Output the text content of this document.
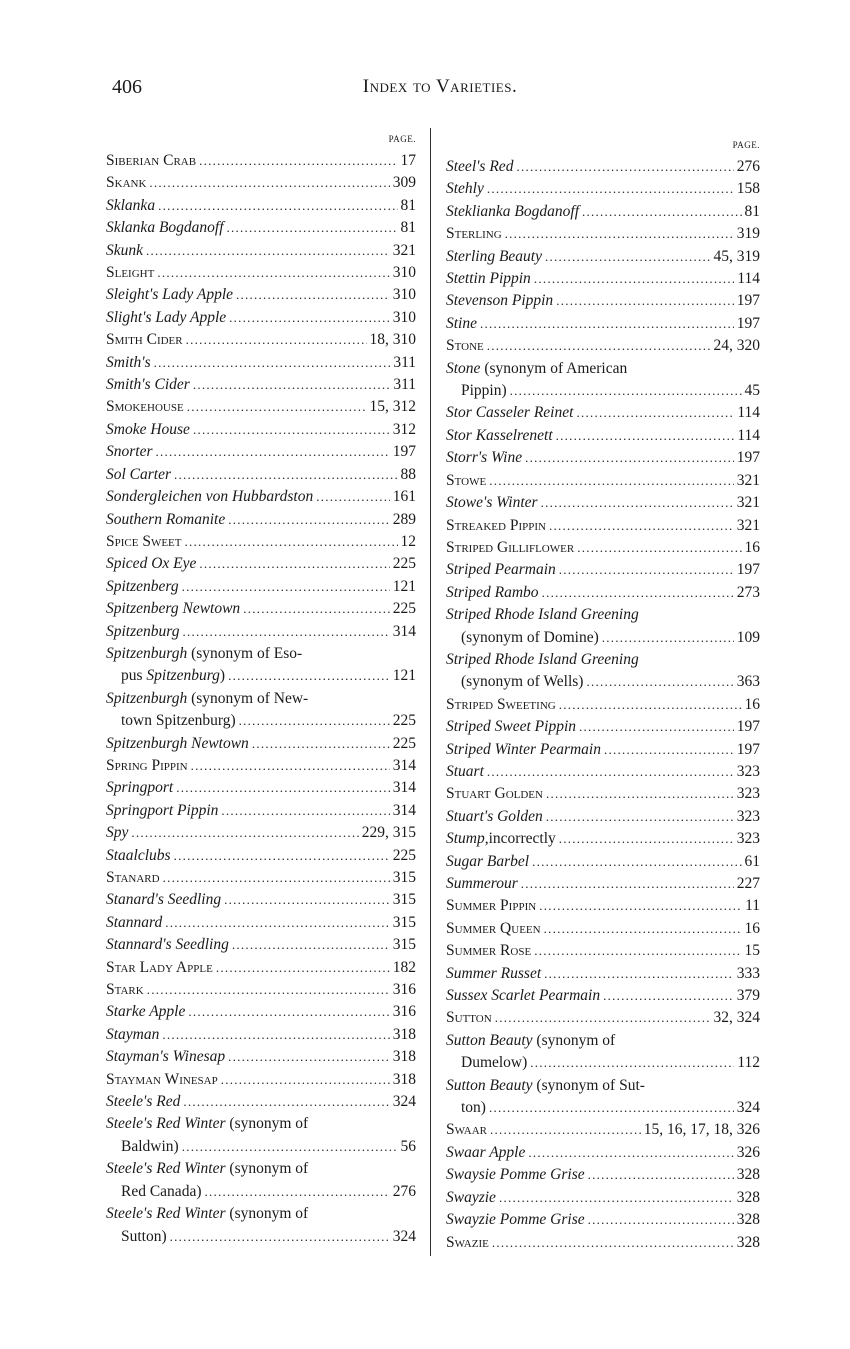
406	Index to Varieties.
PAGE.
Siberian Crab . . .	17
Skank . . .	309
Sklanka . . .	81
Sklanka Bogdanoff . . .	81
Skunk . . .	321
Sleight . . .	310
Sleight's Lady Apple . . .	310
Slight's Lady Apple . . .	310
Smith Cider . . .	18, 310
Smith's . . .	311
Smith's Cider . . .	311
Smokehouse . . .	15, 312
Smoke House . . .	312
Snorter . . .	197
Sol Carter . . .	88
Sondergleichen von Hubbardston . . .	161
Southern Romanite . . .	289
Spice Sweet . . .	12
Spiced Ox Eye . . .	225
Spitzenberg . . .	121
Spitzenberg Newtown . . .	225
Spitzenburg . . .	314
Spitzenburgh (synonym of Eso-
pus Spitzenburg) . . .	121
Spitzenburgh (synonym of New-
town Spitzenburg) . . .	225
Spitzenburgh Newtown . . .	225
Spring Pippin . . .	314
Springport . . .	314
Springport Pippin . . .	314
Spy . . .	229, 315
Staalclubs . . .	225
Stanard . . .	315
Stanard's Seedling . . .	315
Stannard . . .	315
Stannard's Seedling . . .	315
Star Lady Apple . . .	182
Stark . . .	316
Starke Apple . . .	316
Stayman . . .	318
Stayman's Winesap . . .	318
Stayman Winesap . . .	318
Steele's Red . . .	324
Steele's Red Winter (synonym of
Baldwin) . . .	56
Steele's Red Winter (synonym of
Red Canada) . . .	276
Steele's Red Winter (synonym of
Sutton) . . .	324
PAGE.
Steel's Red . . .	276
Stehly . . .	158
Steklianka Bogdanoff . . .	81
Sterling . . .	319
Sterling Beauty . . .	45, 319
Stettin Pippin . . .	114
Stevenson Pippin . . .	197
Stine . . .	197
Stone . . .	24, 320
Stone (synonym of American
Pippin) . . .	45
Stor Casseler Reinet . . .	114
Stor Kasselrenett . . .	114
Storr's Wine . . .	197
Stowe . . .	321
Stowe's Winter . . .	321
Streaked Pippin . . .	321
Striped Gilliflower . . .	16
Striped Pearmain . . .	197
Striped Rambo . . .	273
Striped Rhode Island Greening
(synonym of Domine) . . .	109
Striped Rhode Island Greening
(synonym of Wells) . . .	363
Striped Sweeting . . .	16
Striped Sweet Pippin . . .	197
Striped Winter Pearmain . . .	197
Stuart . . .	323
Stuart Golden . . .	323
Stuart's Golden . . .	323
Stump, incorrectly . . .	323
Sugar Barbel . . .	61
Summerour . . .	227
Summer Pippin . . .	11
Summer Queen . . .	16
Summer Rose . . .	15
Summer Russet . . .	333
Sussex Scarlet Pearmain . . .	379
Sutton . . .	32, 324
Sutton Beauty (synonym of
Dumelow) . . .	112
Sutton Beauty (synonym of Sut-
ton) . . .	324
Swaar . . .	15, 16, 17, 18, 326
Swaar Apple . . .	326
Swaysie Pomme Grise . . .	328
Swayzie . . .	328
Swayzie Pomme Grise . . .	328
Swazie . . .	328
